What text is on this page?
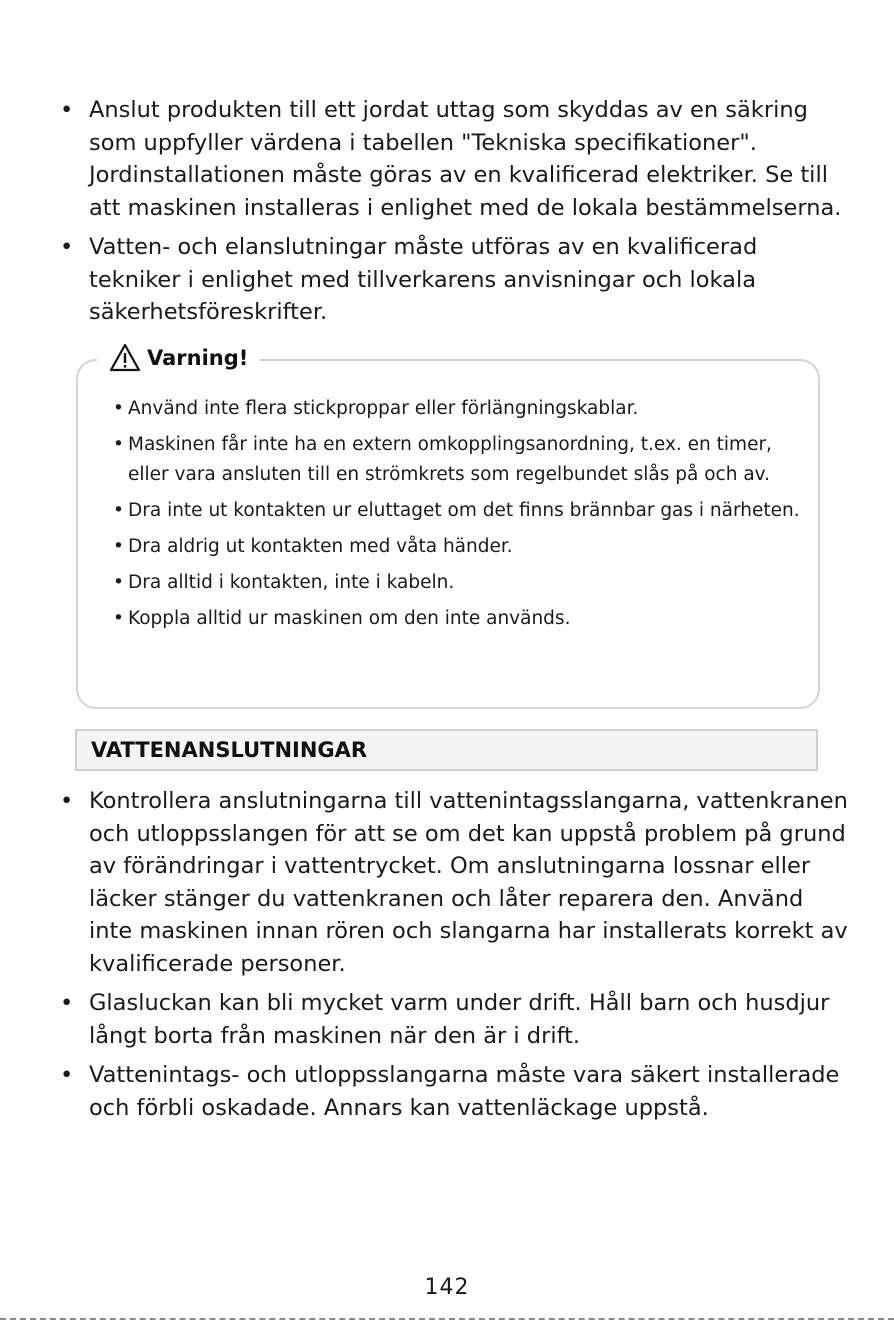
• Anslut produkten till ett jordat uttag som skyddas av en säkring som uppfyller värdena i tabellen "Tekniska specifikationer". Jordinstallationen måste göras av en kvalificerad elektriker. Se till att maskinen installeras i enlighet med de lokala bestämmelserna.
• Vatten- och elanslutningar måste utföras av en kvalificerad tekniker i enlighet med tillverkarens anvisningar och lokala säkerhetsföreskrifter.
Varning!
• Använd inte flera stickproppar eller förlängningskablar.
• Maskinen får inte ha en extern omkopplingsanordning, t.ex. en timer, eller vara ansluten till en strömkrets som regelbundet slås på och av.
• Dra inte ut kontakten ur eluttaget om det finns brännbar gas i närheten.
• Dra aldrig ut kontakten med våta händer.
• Dra alltid i kontakten, inte i kabeln.
• Koppla alltid ur maskinen om den inte används.
VATTENANSLUTNINGAR
• Kontrollera anslutningarna till vattenintagsslangarna, vattenkranen och utloppsslangen för att se om det kan uppstå problem på grund av förändringar i vattentrycket. Om anslutningarna lossnar eller läcker stänger du vattenkranen och låter reparera den. Använd inte maskinen innan rören och slangarna har installerats korrekt av kvalificerade personer.
• Glasluckan kan bli mycket varm under drift. Håll barn och husdjur långt borta från maskinen när den är i drift.
• Vattenintags- och utloppsslangarna måste vara säkert installerade och förbli oskadade. Annars kan vattenläckage uppstå.
142
